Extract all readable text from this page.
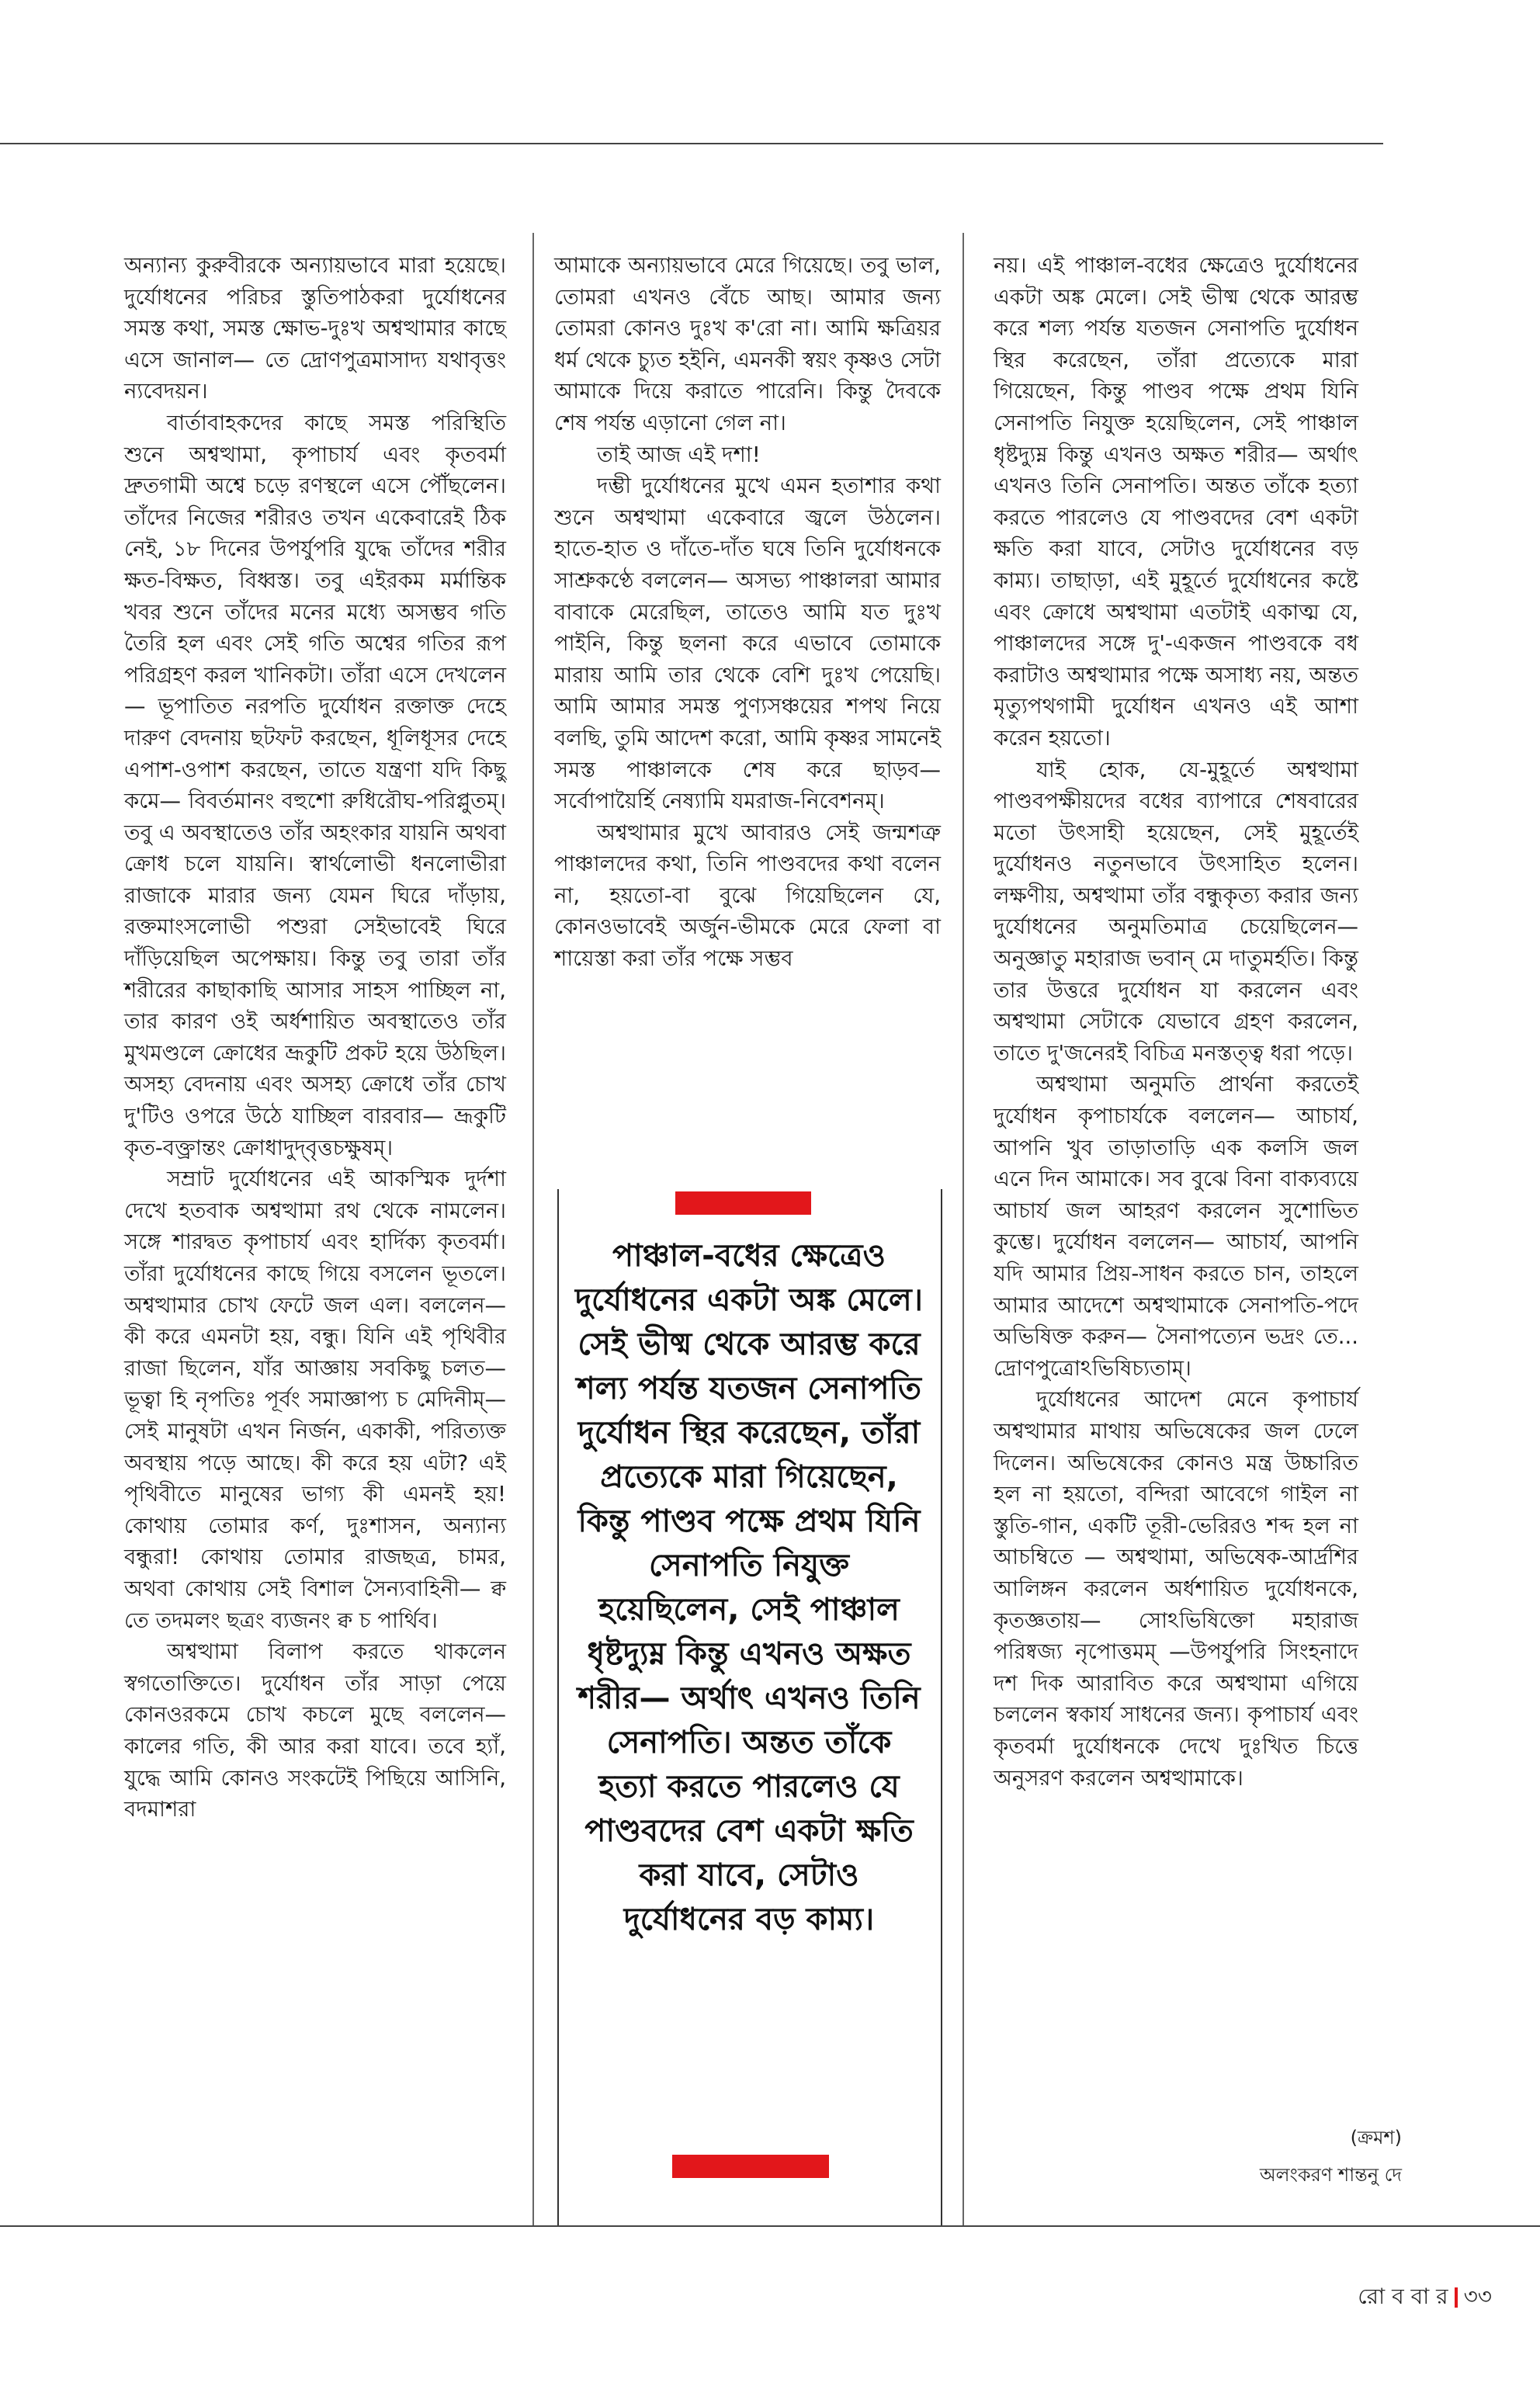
অন্যান্য কুরুবীরকে অন্যায়ভাবে মারা হয়েছে। দুর্যোধনের পরিচর স্তুতিপাঠকরা দুর্যোধনের সমস্ত কথা, সমস্ত ক্ষোভ-দুঃখ অশ্বত্থামার কাছে এসে জানাল— তে দ্রোণপুত্রমাসাদ্য যথাবৃত্তং ন্যবেদয়ন।

বার্তাবাহকদের কাছে সমস্ত পরিস্থিতি শুনে অশ্বত্থামা, কৃপাচার্য এবং কৃতবর্মা দ্রুতগামী অশ্বে চড়ে রণস্থলে এসে পৌঁছলেন। তাঁদের নিজের শরীরও তখন একেবারেই ঠিক নেই, ১৮ দিনের উপর্যুপরি যুদ্ধে তাঁদের শরীর ক্ষত-বিক্ষত, বিধ্বস্ত। তবু এইরকম মর্মান্তিক খবর শুনে তাঁদের মনের মধ্যে অসম্ভব গতি তৈরি হল এবং সেই গতি অশ্বের গতির রূপ পরিগ্রহণ করল খানিকটা। তাঁরা এসে দেখলেন— ভূপাতিত নরপতি দুর্যোধন রক্তাক্ত দেহে দারুণ বেদনায় ছটফট করছেন, ধূলিধূসর দেহে এপাশ-ওপাশ করছেন, তাতে যন্ত্রণা যদি কিছু কমে— বিবর্তমানং বহুশো রুধিরৌঘ-পরিপ্লুতম্। তবু এ অবস্থাতেও তাঁর অহংকার যায়নি অথবা ক্রোধ চলে যায়নি। স্বার্থলোভী ধনলোভীরা রাজাকে মারার জন্য যেমন ঘিরে দাঁড়ায়, রক্তমাংসলোভী পশুরা সেইভাবেই ঘিরে দাঁড়িয়েছিল অপেক্ষায়। কিন্তু তবু তারা তাঁর শরীরের কাছাকাছি আসার সাহস পাচ্ছিল না, তার কারণ ওই অর্ধশায়িত অবস্থাতেও তাঁর মুখমণ্ডলে ক্রোধের ভ্রূকুটি প্রকট হয়ে উঠছিল। অসহ্য বেদনায় এবং অসহ্য ক্রোধে তাঁর চোখ দু'টিও ওপরে উঠে যাচ্ছিল বারবার— ভ্রূকুটি কৃত-বক্ত্রান্তং ক্রোধাদুদ্‌বৃত্তচক্ষুষম্।

সম্রাট দুর্যোধনের এই আকস্মিক দুর্দশা দেখে হতবাক অশ্বত্থামা রথ থেকে নামলেন। সঙ্গে শারদ্বত কৃপাচার্য এবং হার্দিক্য কৃতবর্মা। তাঁরা দুর্যোধনের কাছে গিয়ে বসলেন ভূতলে। অশ্বত্থামার চোখ ফেটে জল এল। বললেন— কী করে এমনটা হয়, বন্ধু। যিনি এই পৃথিবীর রাজা ছিলেন, যাঁর আজ্ঞায় সবকিছু চলত— ভূত্বা হি নৃপতিঃ পূর্বং সমাজ্ঞাপ্য চ মেদিনীম্— সেই মানুষটা এখন নির্জন, একাকী, পরিত্যক্ত অবস্থায় পড়ে আছে। কী করে হয় এটা? এই পৃথিবীতে মানুষের ভাগ্য কী এমনই হয়! কোথায় তোমার কর্ণ, দুঃশাসন, অন্যান্য বন্ধুরা! কোথায় তোমার রাজছত্র, চামর, অথবা কোথায় সেই বিশাল সৈন্যবাহিনী— ক্ব তে তদমলং ছত্রং ব্যজনং ক্ব চ পার্থিব।

অশ্বত্থামা বিলাপ করতে থাকলেন স্বগতোক্তিতে। দুর্যোধন তাঁর সাড়া পেয়ে কোনওরকমে চোখ কচলে মুছে বললেন— কালের গতি, কী আর করা যাবে। তবে হ্যাঁ, যুদ্ধে আমি কোনও সংকটেই পিছিয়ে আসিনি, বদমাশরা

আমাকে অন্যায়ভাবে মেরে গিয়েছে। তবু ভাল, তোমরা এখনও বেঁচে আছ। আমার জন্য তোমরা কোনও দুঃখ ক'রো না। আমি ক্ষত্রিয়র ধর্ম থেকে চ্যুত হইনি, এমনকী স্বয়ং কৃষ্ণও সেটা আমাকে দিয়ে করাতে পারেনি। কিন্তু দৈবকে শেষ পর্যন্ত এড়ানো গেল না।

তাই আজ এই দশা!

দম্ভী দুর্যোধনের মুখে এমন হতাশার কথা শুনে অশ্বত্থামা একেবারে জ্বলে উঠলেন। হাতে-হাত ও দাঁতে-দাঁত ঘষে তিনি দুর্যোধনকে সাশ্রুকণ্ঠে বললেন— অসভ্য পাঞ্চালরা আমার বাবাকে মেরেছিল, তাতেও আমি যত দুঃখ পাইনি, কিন্তু ছলনা করে এভাবে তোমাকে মারায় আমি তার থেকে বেশি দুঃখ পেয়েছি। আমি আমার সমস্ত পুণ্যসঞ্চয়ের শপথ নিয়ে বলছি, তুমি আদেশ করো, আমি কৃষ্ণর সামনেই সমস্ত পাঞ্চালকে শেষ করে ছাড়ব— সর্বোপায়ৈর্হি নেষ্যামি যমরাজ-নিবেশনম্।

অশ্বত্থামার মুখে আবারও সেই জন্মশত্রু পাঞ্চালদের কথা, তিনি পাণ্ডবদের কথা বলেন না, হয়তো-বা বুঝে গিয়েছিলেন যে, কোনওভাবেই অর্জুন-ভীমকে মেরে ফেলা বা শায়েস্তা করা তাঁর পক্ষে সম্ভব

পাঞ্চাল-বধের ক্ষেত্রেও দুর্যোধনের একটা অঙ্ক মেলে। সেই ভীষ্ম থেকে আরম্ভ করে শল্য পর্যন্ত যতজন সেনাপতি দুর্যোধন স্থির করেছেন, তাঁরা প্রত্যেকে মারা গিয়েছেন, কিন্তু পাণ্ডব পক্ষে প্রথম যিনি সেনাপতি নিযুক্ত হয়েছিলেন, সেই পাঞ্চাল ধৃষ্টদ্যুম্ন কিন্তু এখনও অক্ষত শরীর— অর্থাৎ এখনও তিনি সেনাপতি। অন্তত তাঁকে হত্যা করতে পারলেও যে পাণ্ডবদের বেশ একটা ক্ষতি করা যাবে, সেটাও দুর্যোধনের বড় কাম্য।

নয়। এই পাঞ্চাল-বধের ক্ষেত্রেও দুর্যোধনের একটা অঙ্ক মেলে। সেই ভীষ্ম থেকে আরম্ভ করে শল্য পর্যন্ত যতজন সেনাপতি দুর্যোধন স্থির করেছেন, তাঁরা প্রত্যেকে মারা গিয়েছেন, কিন্তু পাণ্ডব পক্ষে প্রথম যিনি সেনাপতি নিযুক্ত হয়েছিলেন, সেই পাঞ্চাল ধৃষ্টদ্যুম্ন কিন্তু এখনও অক্ষত শরীর— অর্থাৎ এখনও তিনি সেনাপতি। অন্তত তাঁকে হত্যা করতে পারলেও যে পাণ্ডবদের বেশ একটা ক্ষতি করা যাবে, সেটাও দুর্যোধনের বড় কাম্য। তাছাড়া, এই মুহূর্তে দুর্যোধনের কষ্টে এবং ক্রোধে অশ্বত্থামা এতটাই একাত্ম যে, পাঞ্চালদের সঙ্গে দু'-একজন পাণ্ডবকে বধ করাটাও অশ্বত্থামার পক্ষে অসাধ্য নয়, অন্তত মৃত্যুপথগামী দুর্যোধন এখনও এই আশা করেন হয়তো।

যাই হোক, যে-মুহূর্তে অশ্বত্থামা পাণ্ডবপক্ষীয়দের বধের ব্যাপারে শেষবারের মতো উৎসাহী হয়েছেন, সেই মুহূর্তেই দুর্যোধনও নতুনভাবে উৎসাহিত হলেন। লক্ষণীয়, অশ্বত্থামা তাঁর বন্ধুকৃত্য করার জন্য দুর্যোধনের অনুমতিমাত্র চেয়েছিলেন— অনুজ্ঞাতু মহারাজ ভবান্ মে দাতুমর্হতি। কিন্তু তার উত্তরে দুর্যোধন যা করলেন এবং অশ্বত্থামা সেটাকে যেভাবে গ্রহণ করলেন, তাতে দু'জনেরই বিচিত্র মনস্তত্ত্ব ধরা পড়ে।

অশ্বত্থামা অনুমতি প্রার্থনা করতেই দুর্যোধন কৃপাচার্যকে বললেন— আচার্য, আপনি খুব তাড়াতাড়ি এক কলসি জল এনে দিন আমাকে। সব বুঝে বিনা বাক্যব্যয়ে আচার্য জল আহরণ করলেন সুশোভিত কুম্ভে। দুর্যোধন বললেন— আচার্য, আপনি যদি আমার প্রিয়-সাধন করতে চান, তাহলে আমার আদেশে অশ্বত্থামাকে সেনাপতি-পদে অভিষিক্ত করুন— সৈনাপত্যেন ভদ্রং তে... দ্রোণপুত্রোঽভিষিচ্যতাম্।

দুর্যোধনের আদেশ মেনে কৃপাচার্য অশ্বত্থামার মাথায় অভিষেকের জল ঢেলে দিলেন। অভিষেকের কোনও মন্ত্র উচ্চারিত হল না হয়তো, বন্দিরা আবেগে গাইল না স্তুতি-গান, একটি তূরী-ভেরিরও শব্দ হল না আচম্বিতে — অশ্বত্থামা, অভিষেক-আর্দ্রশির আলিঙ্গন করলেন অর্ধশায়িত দুর্যোধনকে, কৃতজ্ঞতায়— সোঽভিষিক্তো মহারাজ পরিষ্বজ্য নৃপোত্তমম্ —উপর্যুপরি সিংহনাদে দশ দিক আরাবিত করে অশ্বত্থামা এগিয়ে চললেন স্বকার্য সাধনের জন্য। কৃপাচার্য এবং কৃতবর্মা দুর্যোধনকে দেখে দুঃখিত চিত্তে অনুসরণ করলেন অশ্বত্থামাকে।

(ক্রমশ)
অলংকরণ শান্তনু দে
রো ব বা র ৩৩
